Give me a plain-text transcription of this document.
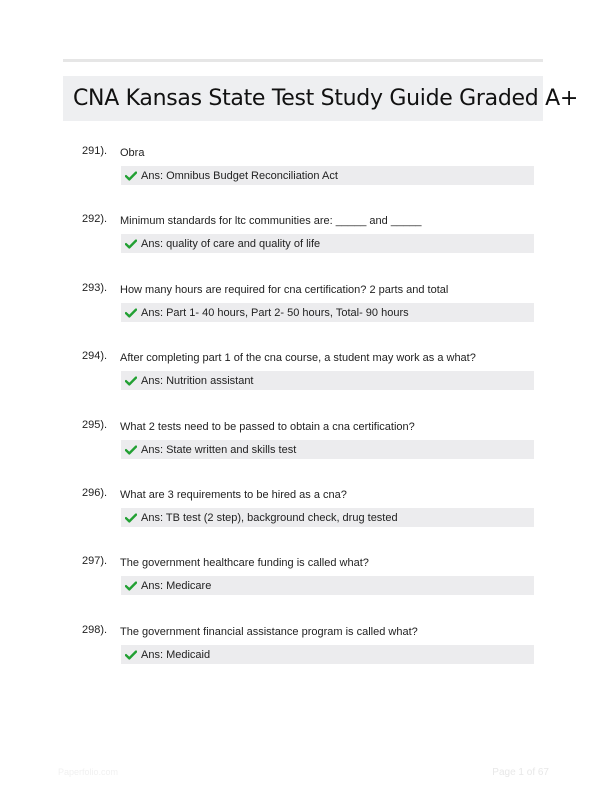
CNA Kansas State Test Study Guide Graded A+
291). Obra
Ans: Omnibus Budget Reconciliation Act
292). Minimum standards for ltc communities are: _____ and _____
Ans: quality of care and quality of life
293). How many hours are required for cna certification? 2 parts and total
Ans: Part 1- 40 hours, Part 2- 50 hours, Total- 90 hours
294). After completing part 1 of the cna course, a student may work as a what?
Ans: Nutrition assistant
295). What 2 tests need to be passed to obtain a cna certification?
Ans: State written and skills test
296). What are 3 requirements to be hired as a cna?
Ans: TB test (2 step), background check, drug tested
297). The government healthcare funding is called what?
Ans: Medicare
298). The government financial assistance program is called what?
Ans: Medicaid
Paperfolio.com	Page 1 of 67
